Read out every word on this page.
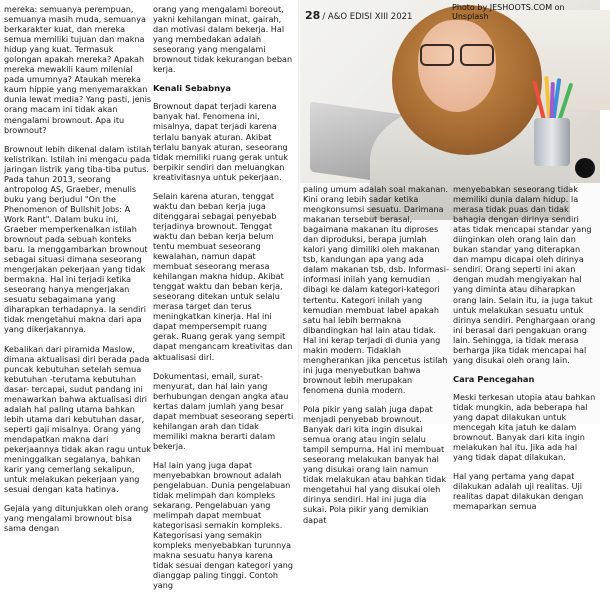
mereka: semuanya perempuan, semuanya masih muda, semuanya berkarakter kuat, dan mereka semua memiliki tujuan dan makna hidup yang kuat. Termasuk golongan apakah mereka? Apakah mereka mewakili kaum milenial pada umumnya? Ataukah mereka kaum hippie yang menyemarakkan dunia lewat media? Yang pasti, jenis orang macam ini tidak akan mengalami brownout. Apa itu brownout?

Brownout lebih dikenal dalam istilah kelistrikan. Istilah ini mengacu pada jaringan listrik yang tiba-tiba putus. Pada tahun 2013, seorang antropolog AS, Graeber, menulis buku yang berjudul "On the Phenomenon of Bullshit Jobs: A Work Rant". Dalam buku ini, Graeber memperkenalkan istilah brownout pada sebuah konteks baru. Ia menggambarkan brownout sebagai situasi dimana seseorang mengerjakan pekerjaan yang tidak bermakna. Hal ini terjadi ketika seseorang hanya mengerjakan sesuatu sebagaimana yang diharapkan terhadapnya. Ia sendiri tidak mengetahui makna dari apa yang dikerjakannya.

Kebalikan dari piramida Maslow, dimana aktualisasi diri berada pada puncak kebutuhan setelah semua kebutuhan -terutama kebutuhan dasar- tercapai, sudut pandang ini menawarkan bahwa aktualisasi diri adalah hal paling utama bahkan lebih utama dari kebutuhan dasar, seperti gaji misalnya. Orang yang mendapatkan makna dari pekerjaannya tidak akan ragu untuk meninggalkan segalanya, bahkan karir yang cemerlang sekalipun, untuk melakukan pekerjaan yang sesuai dengan kata hatinya.

Gejala yang ditunjukkan oleh orang yang mengalami brownout bisa sama dengan

orang yang mengalami boreout, yakni kehilangan minat, gairah, dan motivasi dalam bekerja. Hal yang membedakan adalah seseorang yang mengalami brownout tidak kekurangan beban kerja.

Kenali Sebabnya

Brownout dapat terjadi karena banyak hal. Fenomena ini, misalnya, dapat terjadi karena terlalu banyak aturan. Akibat terlalu banyak aturan, seseorang tidak memiliki ruang gerak untuk berpikir sendiri dan meluangkan kreativitasnya untuk pekerjaan.

Selain karena aturan, tenggat waktu dan beban kerja juga ditenggarai sebagai penyebab terjadinya brownout. Tenggat waktu dan beban kerja belum tentu membuat seseorang kewalahan, namun dapat membuat seseorang merasa kehilangan makna hidup. Akibat tenggat waktu dan beban kerja, seseorang ditekan untuk selalu merasa target dan terus meningkatkan kinerja. Hal ini dapat mempersempit ruang gerak. Ruang gerak yang sempit dapat mengancam kreativitas dan aktualisasi diri.

Dokumentasi, email, surat-menyurat, dan hal lain yang berhubungan dengan angka atau kertas dalam jumlah yang besar dapat membuat seseorang seperti kehilangan arah dan tidak memiliki makna berarti dalam bekerja.

Hal lain yang juga dapat menyebabkan brownout adalah pengelabuan. Dunia pengelabuan tidak melimpah dan kompleks sekarang. Pengelabuan yang melimpah dapat membuat kategorisasi semakin kompleks. Kategorisasi yang semakin kompleks menyebabkan turunnya makna sesuatu hanya karena tidak sesuai dengan kategori yang dianggap paling tinggi. Contoh yang

28 / A&O EDISI XIII 2021
Photo by JESHOOTS.COM on Unsplash

paling umum adalah soal makanan. Kini orang lebih sadar ketika mengkonsumsi sesuatu. Darimana makanan tersebut berasal, bagaimana makanan itu diproses dan diproduksi, berapa jumlah kalori yang dimiliki oleh makanan tsb, kandungan apa yang ada dalam makanan tsb, dsb. Informasi-informasi inilah yang kemudian dibagi ke dalam kategori-kategori tertentu. Kategori inilah yang kemudian membuat label apakah satu hal lebih bermakna dibandingkan hal lain atau tidak. Hal ini kerap terjadi di dunia yang makin modern. Tidaklah mengherankan jika pencetus istilah ini juga menyebutkan bahwa brownout lebih merupakan fenomena dunia modern.

Pola pikir yang salah juga dapat menjadi penyebab brownout. Banyak dari kita ingin disukai semua orang atau ingin selalu tampil sempurna. Hal ini membuat seseorang melakukan banyak hal yang disukai orang lain namun tidak melakukan atau bahkan tidak mengetahui hal yang disukai oleh dirinya sendiri. Hal ini juga dia sukai. Pola pikir yang demikian dapat

menyebabkan seseorang tidak memiliki dunia dalam hidup. Ia merasa tidak puas dan tidak bahagia dengan dirinya sendiri atas tidak mencapai standar yang diinginkan oleh orang lain dan bukan standar yang diterapkan dan mampu dicapai oleh dirinya sendiri. Orang seperti ini akan dengan mudah mengiyakan hal yang diminta atau diharapkan orang lain. Selain itu, ia juga takut untuk melakukan sesuatu untuk dirinya sendiri. Penghargaan orang ini berasal dari pengakuan orang lain. Sehingga, ia tidak merasa berharga jika tidak mencapai hal yang disukai oleh orang lain.

Cara Pencegahan

Meski terkesan utopia atau bahkan tidak mungkin, ada beberapa hal yang dapat dilakukan untuk mencegah kita jatuh ke dalam brownout. Banyak dari kita ingin melakukan hal itu. Jika ada hal yang tidak dapat dilakukan.

Hal yang pertama yang dapat dilakukan adalah uji realitas. Uji realitas dapat dilakukan dengan memaparkan semua
